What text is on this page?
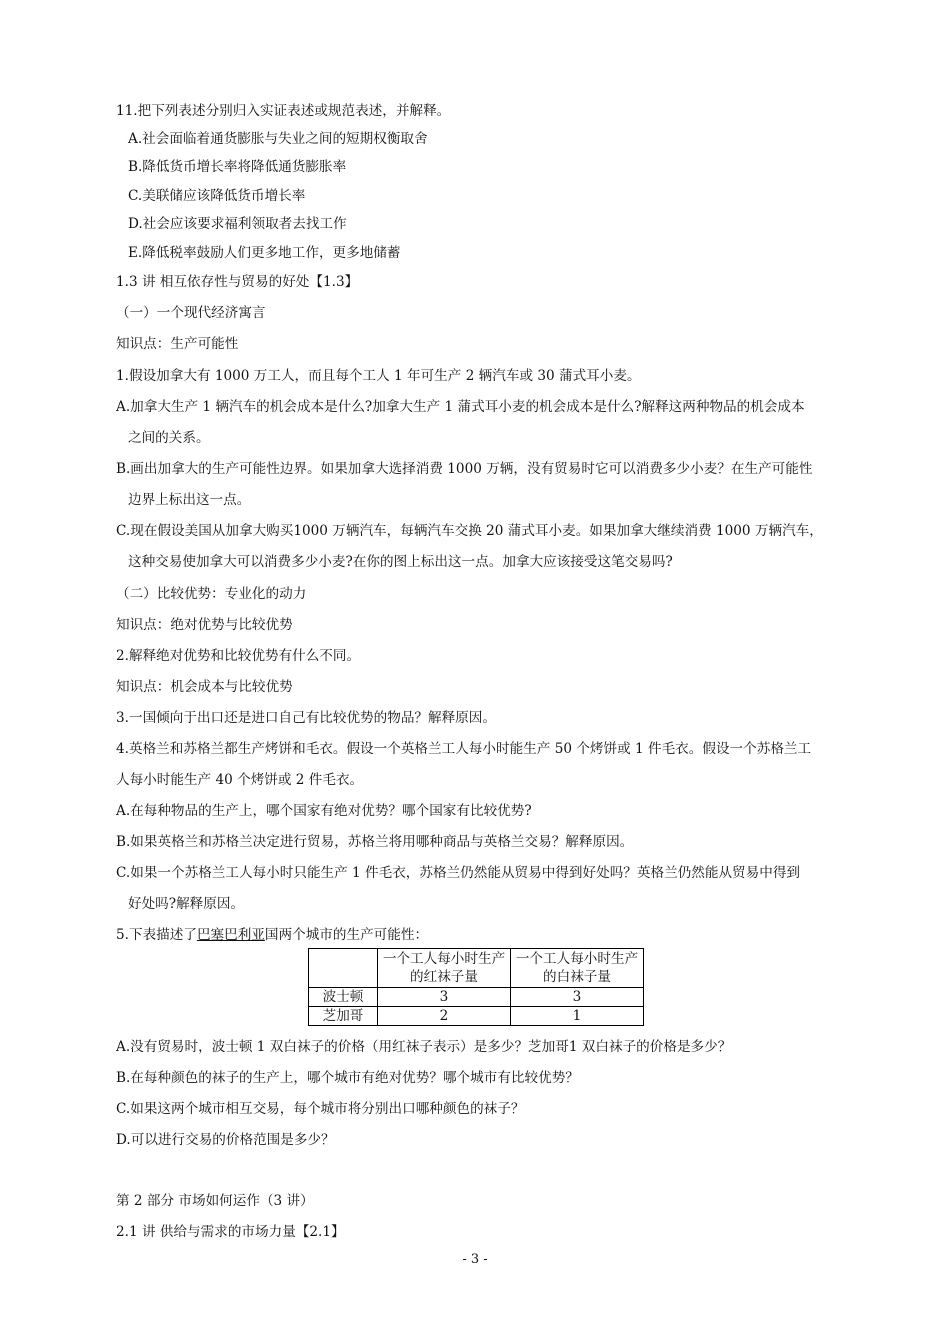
11.把下列表述分别归入实证表述或规范表述，并解释。
A.社会面临着通货膨胀与失业之间的短期权衡取舍
B.降低货币增长率将降低通货膨胀率
C.美联储应该降低货币增长率
D.社会应该要求福利领取者去找工作
E.降低税率鼓励人们更多地工作，更多地储蓄
1.3 讲 相互依存性与贸易的好处【1.3】
（一）一个现代经济寓言
知识点：生产可能性
1.假设加拿大有 1000 万工人，而且每个工人 1 年可生产 2 辆汽车或 30 蒲式耳小麦。
A.加拿大生产 1 辆汽车的机会成本是什么?加拿大生产 1 蒲式耳小麦的机会成本是什么?解释这两种物品的机会成本
之间的关系。
B.画出加拿大的生产可能性边界。如果加拿大选择消费 1000 万辆，没有贸易时它可以消费多少小麦？在生产可能性
边界上标出这一点。
C.现在假设美国从加拿大购买1000 万辆汽车，每辆汽车交换 20 蒲式耳小麦。如果加拿大继续消费 1000 万辆汽车，
这种交易使加拿大可以消费多少小麦?在你的图上标出这一点。加拿大应该接受这笔交易吗?
（二）比较优势：专业化的动力
知识点：绝对优势与比较优势
2.解释绝对优势和比较优势有什么不同。
知识点：机会成本与比较优势
3.一国倾向于出口还是进口自己有比较优势的物品？解释原因。
4.英格兰和苏格兰都生产烤饼和毛衣。假设一个英格兰工人每小时能生产 50 个烤饼或 1 件毛衣。假设一个苏格兰工
人每小时能生产 40 个烤饼或 2 件毛衣。
A.在每种物品的生产上，哪个国家有绝对优势？哪个国家有比较优势?
B.如果英格兰和苏格兰决定进行贸易，苏格兰将用哪种商品与英格兰交易？解释原因。
C.如果一个苏格兰工人每小时只能生产 1 件毛衣，苏格兰仍然能从贸易中得到好处吗？英格兰仍然能从贸易中得到
好处吗?解释原因。
5.下表描述了巴塞巴利亚国两个城市的生产可能性：
	一个工人每小时生产的红袜子量	一个工人每小时生产的白袜子量
波士顿	3	3
芝加哥	2	1
A.没有贸易时，波士顿 1 双白袜子的价格（用红袜子表示）是多少？芝加哥1 双白袜子的价格是多少？
B.在每种颜色的袜子的生产上，哪个城市有绝对优势？哪个城市有比较优势？
C.如果这两个城市相互交易，每个城市将分别出口哪种颜色的袜子？
D.可以进行交易的价格范围是多少？
第 2 部分 市场如何运作（3 讲）
2.1 讲 供给与需求的市场力量【2.1】
- 3 -
